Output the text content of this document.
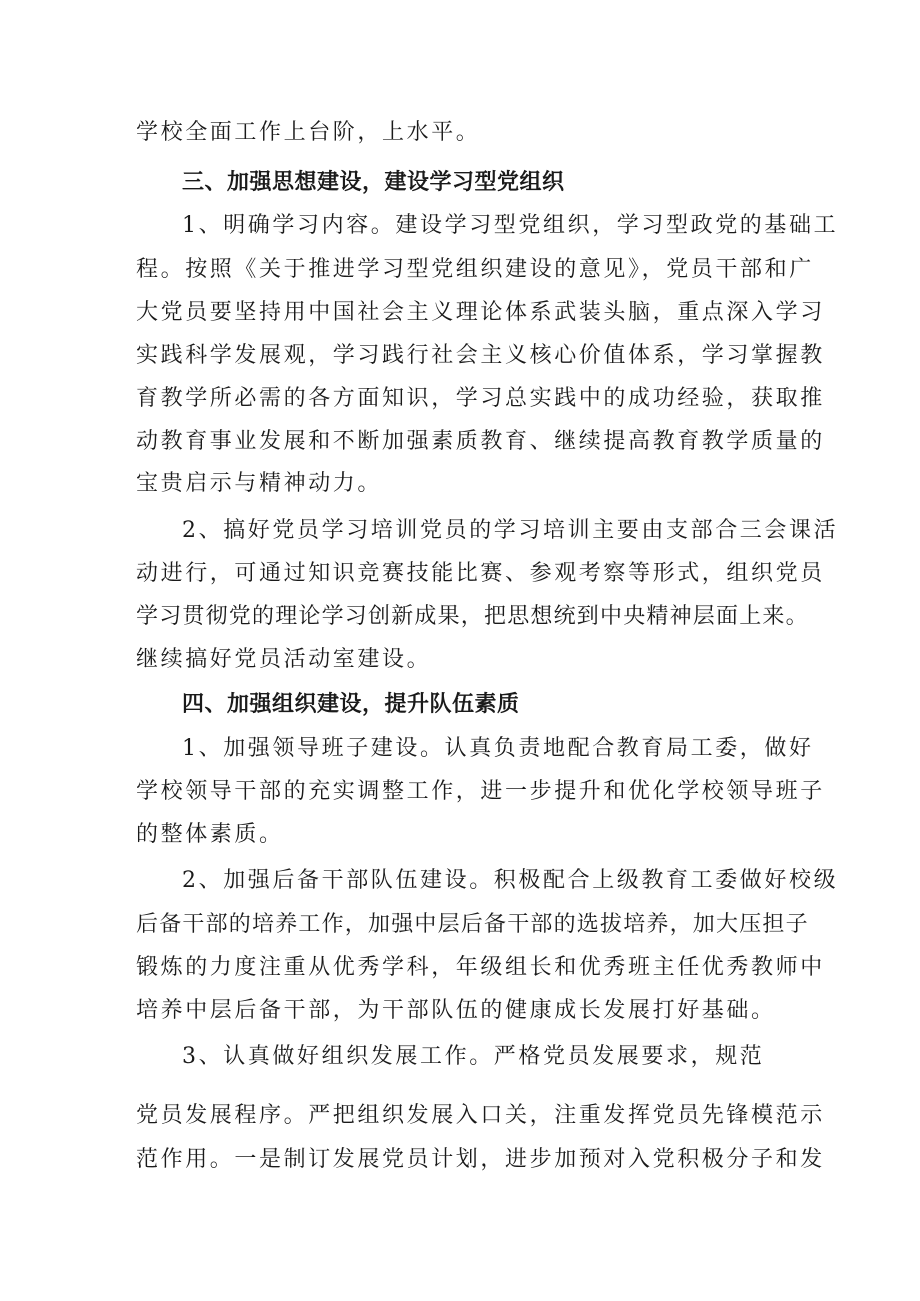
学校全面工作上台阶，上水平。
三、加强思想建设，建设学习型党组织
1、明确学习内容。建设学习型党组织，学习型政党的基础工
程。按照《关于推进学习型党组织建设的意见》，党员干部和广
大党员要坚持用中国社会主义理论体系武装头脑，重点深入学习
实践科学发展观，学习践行社会主义核心价值体系，学习掌握教
育教学所必需的各方面知识，学习总实践中的成功经验，获取推
动教育事业发展和不断加强素质教育、继续提高教育教学质量的
宝贵启示与精神动力。
2、搞好党员学习培训党员的学习培训主要由支部合三会课活
动进行，可通过知识竞赛技能比赛、参观考察等形式，组织党员
学习贯彻党的理论学习创新成果，把思想统到中央精神层面上来。
继续搞好党员活动室建设。
四、加强组织建设，提升队伍素质
1、加强领导班子建设。认真负责地配合教育局工委，做好
学校领导干部的充实调整工作，进一步提升和优化学校领导班子
的整体素质。
2、加强后备干部队伍建设。积极配合上级教育工委做好校级
后备干部的培养工作，加强中层后备干部的选拔培养，加大压担子
锻炼的力度注重从优秀学科，年级组长和优秀班主任优秀教师中
培养中层后备干部，为干部队伍的健康成长发展打好基础。
3、认真做好组织发展工作。严格党员发展要求，规范
党员发展程序。严把组织发展入口关，注重发挥党员先锋模范示
范作用。一是制订发展党员计划，进步加预对入党积极分子和发
